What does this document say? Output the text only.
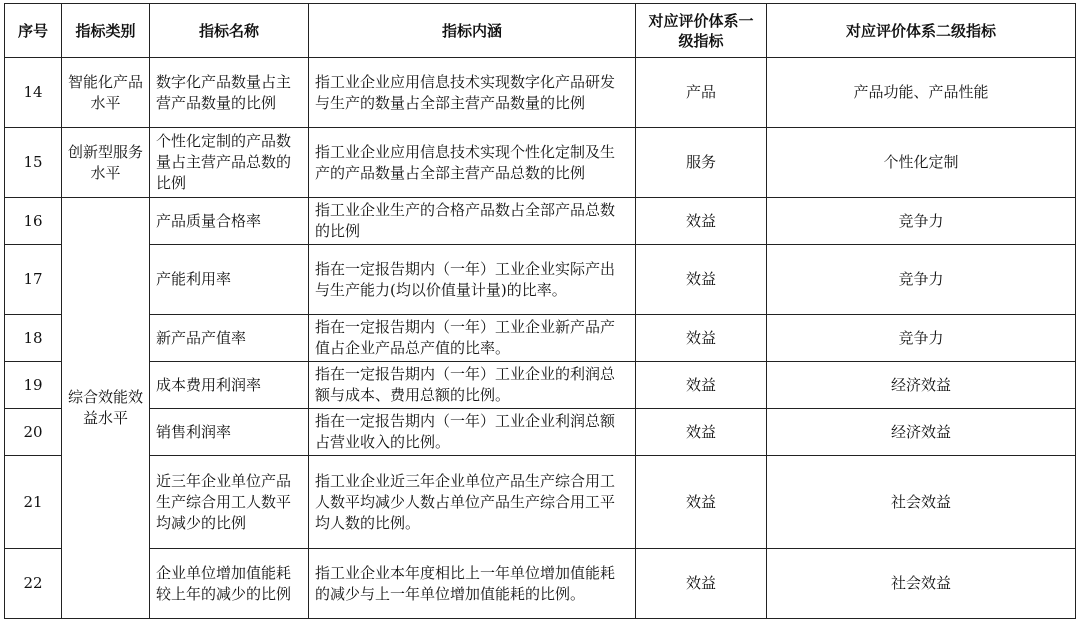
序号	指标类别	指标名称	指标内涵	对应评价体系一级指标	对应评价体系二级指标
14	智能化产品水平	数字化产品数量占主营产品数量的比例	指工业企业应用信息技术实现数字化产品研发与生产的数量占全部主营产品数量的比例	产品	产品功能、产品性能
15	创新型服务水平	个性化定制的产品数量占主营产品总数的比例	指工业企业应用信息技术实现个性化定制及生产的产品数量占全部主营产品总数的比例	服务	个性化定制
16	综合效能效益水平	产品质量合格率	指工业企业生产的合格产品数占全部产品总数的比例	效益	竞争力
17		产能利用率	指在一定报告期内（一年）工业企业实际产出与生产能力(均以价值量计量)的比率。	效益	竞争力
18		新产品产值率	指在一定报告期内（一年）工业企业新产品产值占企业产品总产值的比率。	效益	竞争力
19		成本费用利润率	指在一定报告期内（一年）工业企业的利润总额与成本、费用总额的比例。	效益	经济效益
20		销售利润率	指在一定报告期内（一年）工业企业利润总额占营业收入的比例。	效益	经济效益
21		近三年企业单位产品生产综合用工人数平均减少的比例	指工业企业近三年企业单位产品生产综合用工人数平均减少人数占单位产品生产综合用工平均人数的比例。	效益	社会效益
22		企业单位增加值能耗较上年的减少的比例	指工业企业本年度相比上一年单位增加值能耗的减少与上一年单位增加值能耗的比例。	效益	社会效益
